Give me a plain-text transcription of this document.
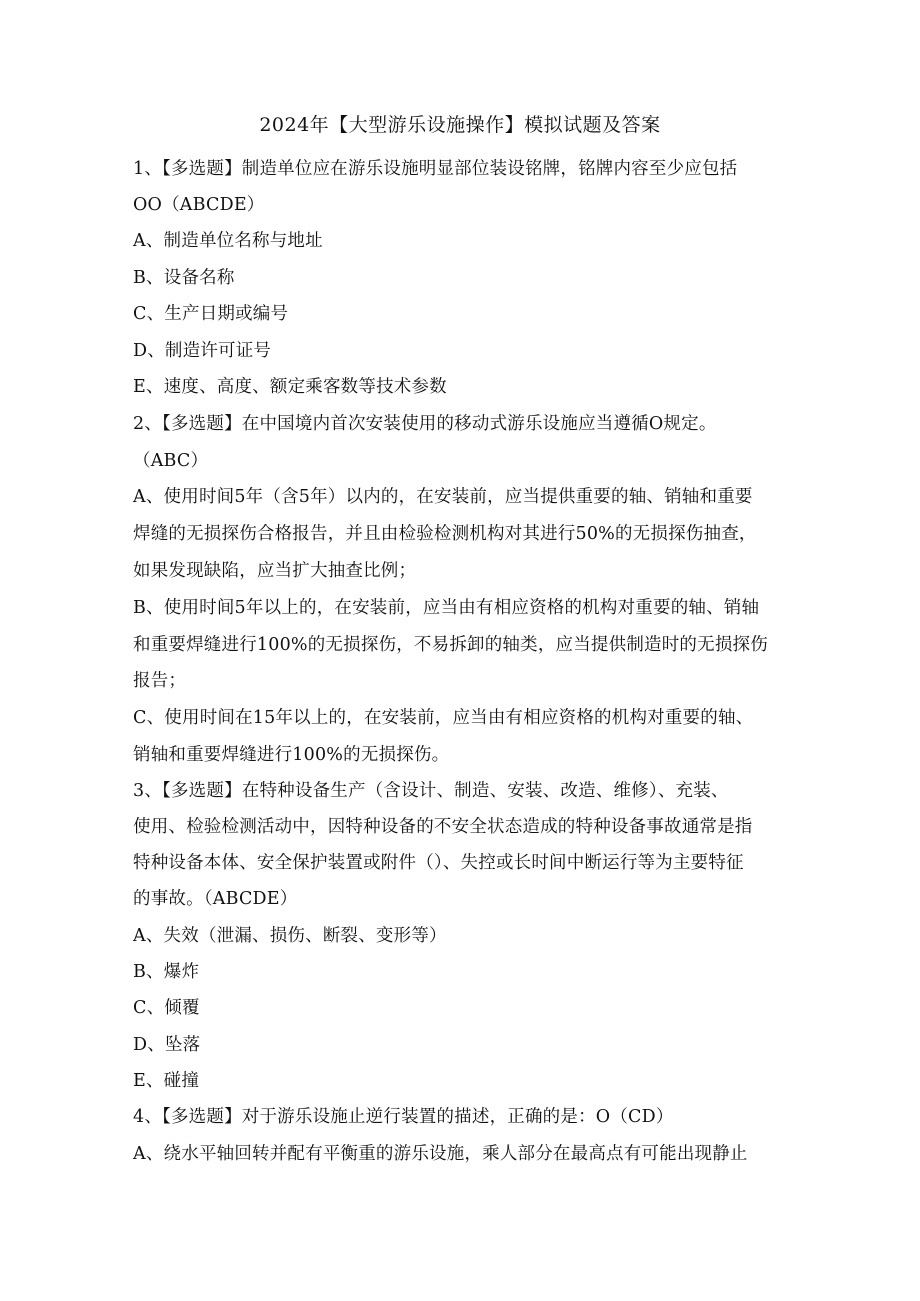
2024年【大型游乐设施操作】模拟试题及答案
1、【多选题】制造单位应在游乐设施明显部位装设铭牌，铭牌内容至少应包括
OO（ABCDE）
A、制造单位名称与地址
B、设备名称
C、生产日期或编号
D、制造许可证号
E、速度、高度、额定乘客数等技术参数
2、【多选题】在中国境内首次安装使用的移动式游乐设施应当遵循O规定。
（ABC）
A、使用时间5年（含5年）以内的，在安装前，应当提供重要的轴、销轴和重要
焊缝的无损探伤合格报告，并且由检验检测机构对其进行50%的无损探伤抽查，
如果发现缺陷，应当扩大抽查比例；
B、使用时间5年以上的，在安装前，应当由有相应资格的机构对重要的轴、销轴
和重要焊缝进行100%的无损探伤，不易拆卸的轴类，应当提供制造时的无损探伤
报告；
C、使用时间在15年以上的，在安装前，应当由有相应资格的机构对重要的轴、
销轴和重要焊缝进行100%的无损探伤。
3、【多选题】在特种设备生产（含设计、制造、安装、改造、维修）、充装、
使用、检验检测活动中，因特种设备的不安全状态造成的特种设备事故通常是指
特种设备本体、安全保护装置或附件（）、失控或长时间中断运行等为主要特征
的事故。（ABCDE）
A、失效（泄漏、损伤、断裂、变形等）
B、爆炸
C、倾覆
D、坠落
E、碰撞
4、【多选题】对于游乐设施止逆行装置的描述，正确的是：O（CD）
A、绕水平轴回转并配有平衡重的游乐设施，乘人部分在最高点有可能出现静止
